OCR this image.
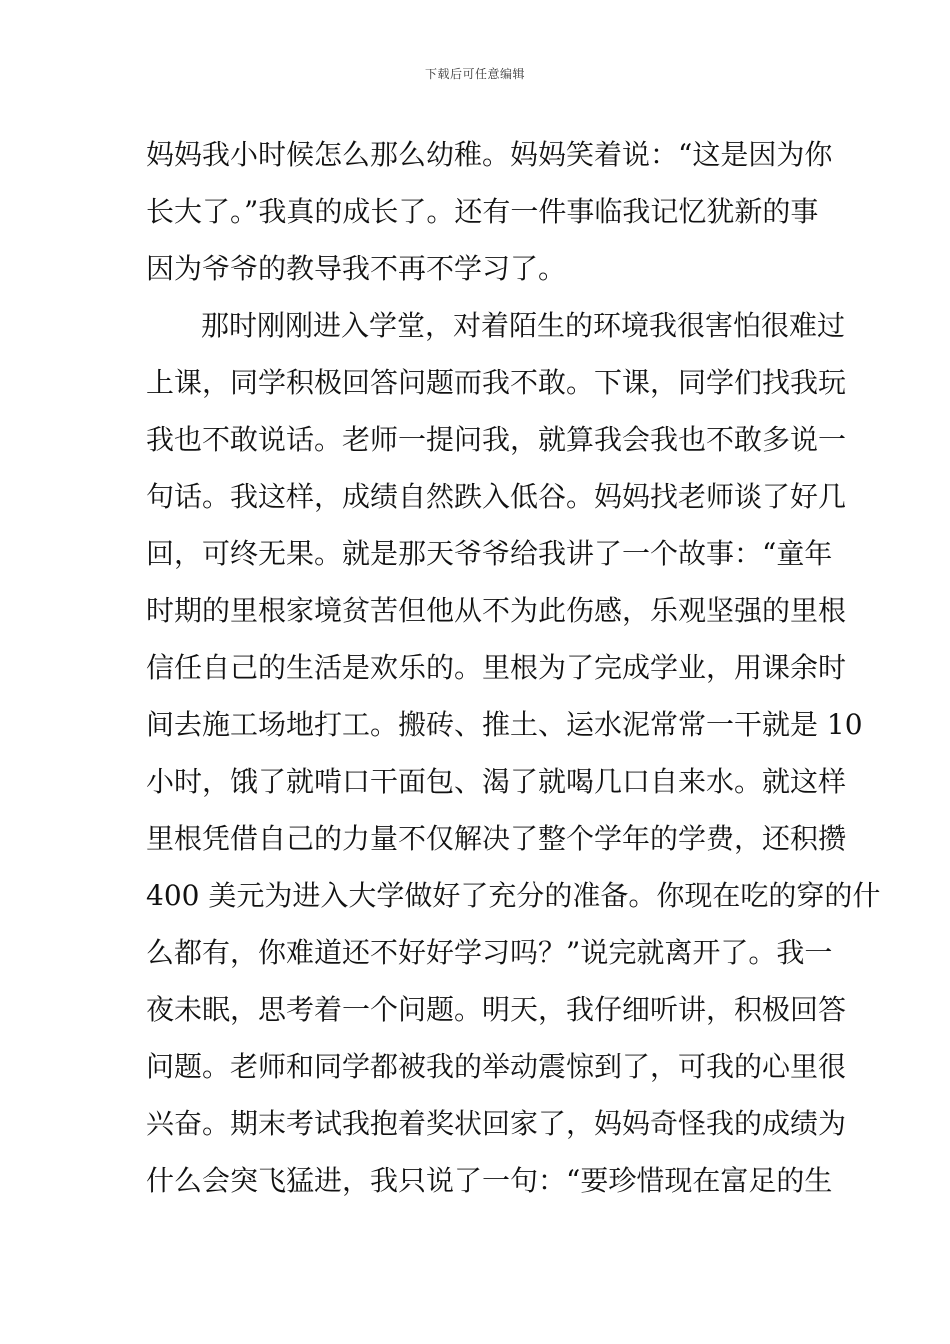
下载后可任意编辑
妈妈我小时候怎么那么幼稚。妈妈笑着说：“这是因为你
长大了。”我真的成长了。还有一件事临我记忆犹新的事
因为爷爷的教导我不再不学习了。
那时刚刚进入学堂，对着陌生的环境我很害怕很难过
上课，同学积极回答问题而我不敢。下课，同学们找我玩
我也不敢说话。老师一提问我，就算我会我也不敢多说一
句话。我这样，成绩自然跌入低谷。妈妈找老师谈了好几
回，可终无果。就是那天爷爷给我讲了一个故事：“童年
时期的里根家境贫苦但他从不为此伤感，乐观坚强的里根
信任自己的生活是欢乐的。里根为了完成学业，用课余时
间去施工场地打工。搬砖、推土、运水泥常常一干就是 10
小时，饿了就啃口干面包、渴了就喝几口自来水。就这样
里根凭借自己的力量不仅解决了整个学年的学费，还积攒
400 美元为进入大学做好了充分的准备。你现在吃的穿的什
么都有，你难道还不好好学习吗？”说完就离开了。我一
夜未眠，思考着一个问题。明天，我仔细听讲，积极回答
问题。老师和同学都被我的举动震惊到了，可我的心里很
兴奋。期末考试我抱着奖状回家了，妈妈奇怪我的成绩为
什么会突飞猛进，我只说了一句：“要珍惜现在富足的生
